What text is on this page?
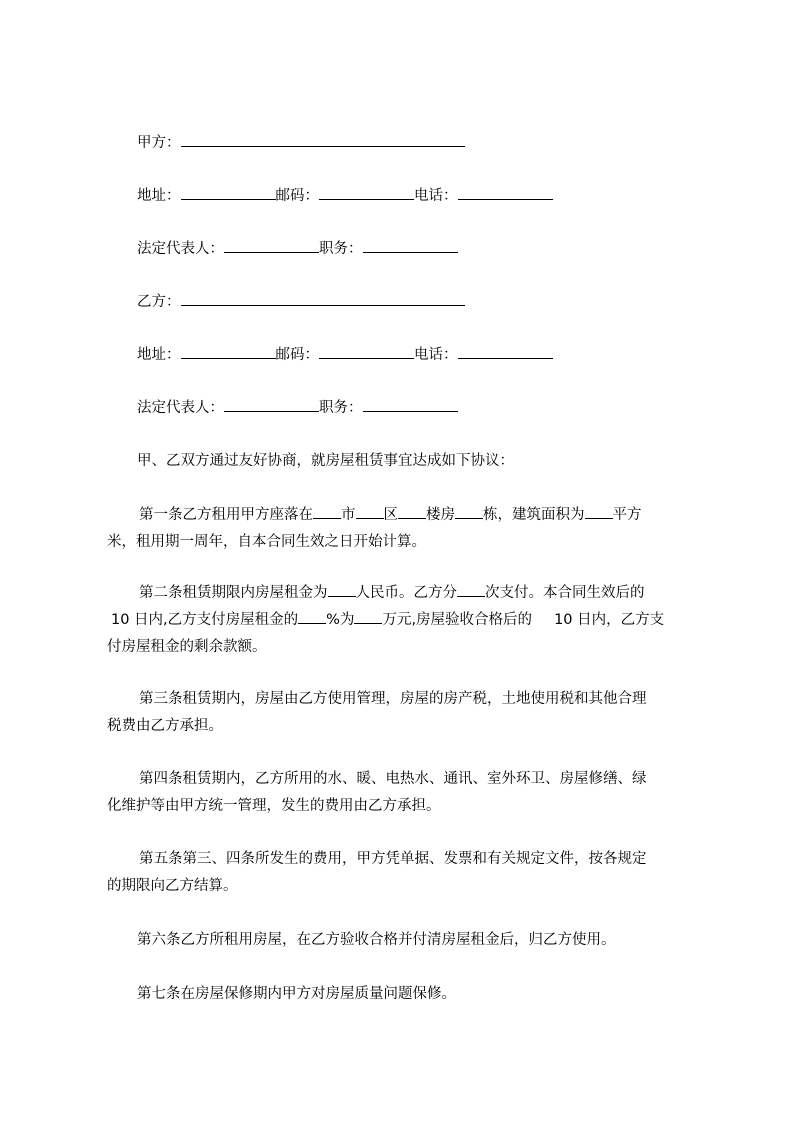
甲方：
地址：	邮码：	电话：
法定代表人：	职务：
乙方：
地址：	邮码：	电话：
法定代表人：	职务：
甲、乙双方通过友好协商，就房屋租赁事宜达成如下协议：
第一条乙方租用甲方座落在 市 区 楼房 栋，建筑面积为 平方
米，租用期一周年，自本合同生效之日开始计算。
第二条租赁期限内房屋租金为 人民币。乙方分 次支付。本合同生效后的
10 日内,乙方支付房屋租金的 %为 万元,房屋验收合格后的 10 日内，乙方支
付房屋租金的剩余款额。
第三条租赁期内，房屋由乙方使用管理，房屋的房产税，土地使用税和其他合理
税费由乙方承担。
第四条租赁期内，乙方所用的水、暖、电热水、通讯、室外环卫、房屋修缮、绿
化维护等由甲方统一管理，发生的费用由乙方承担。
第五条第三、四条所发生的费用，甲方凭单据、发票和有关规定文件，按各规定
的期限向乙方结算。
第六条乙方所租用房屋，在乙方验收合格并付清房屋租金后，归乙方使用。
第七条在房屋保修期内甲方对房屋质量问题保修。
